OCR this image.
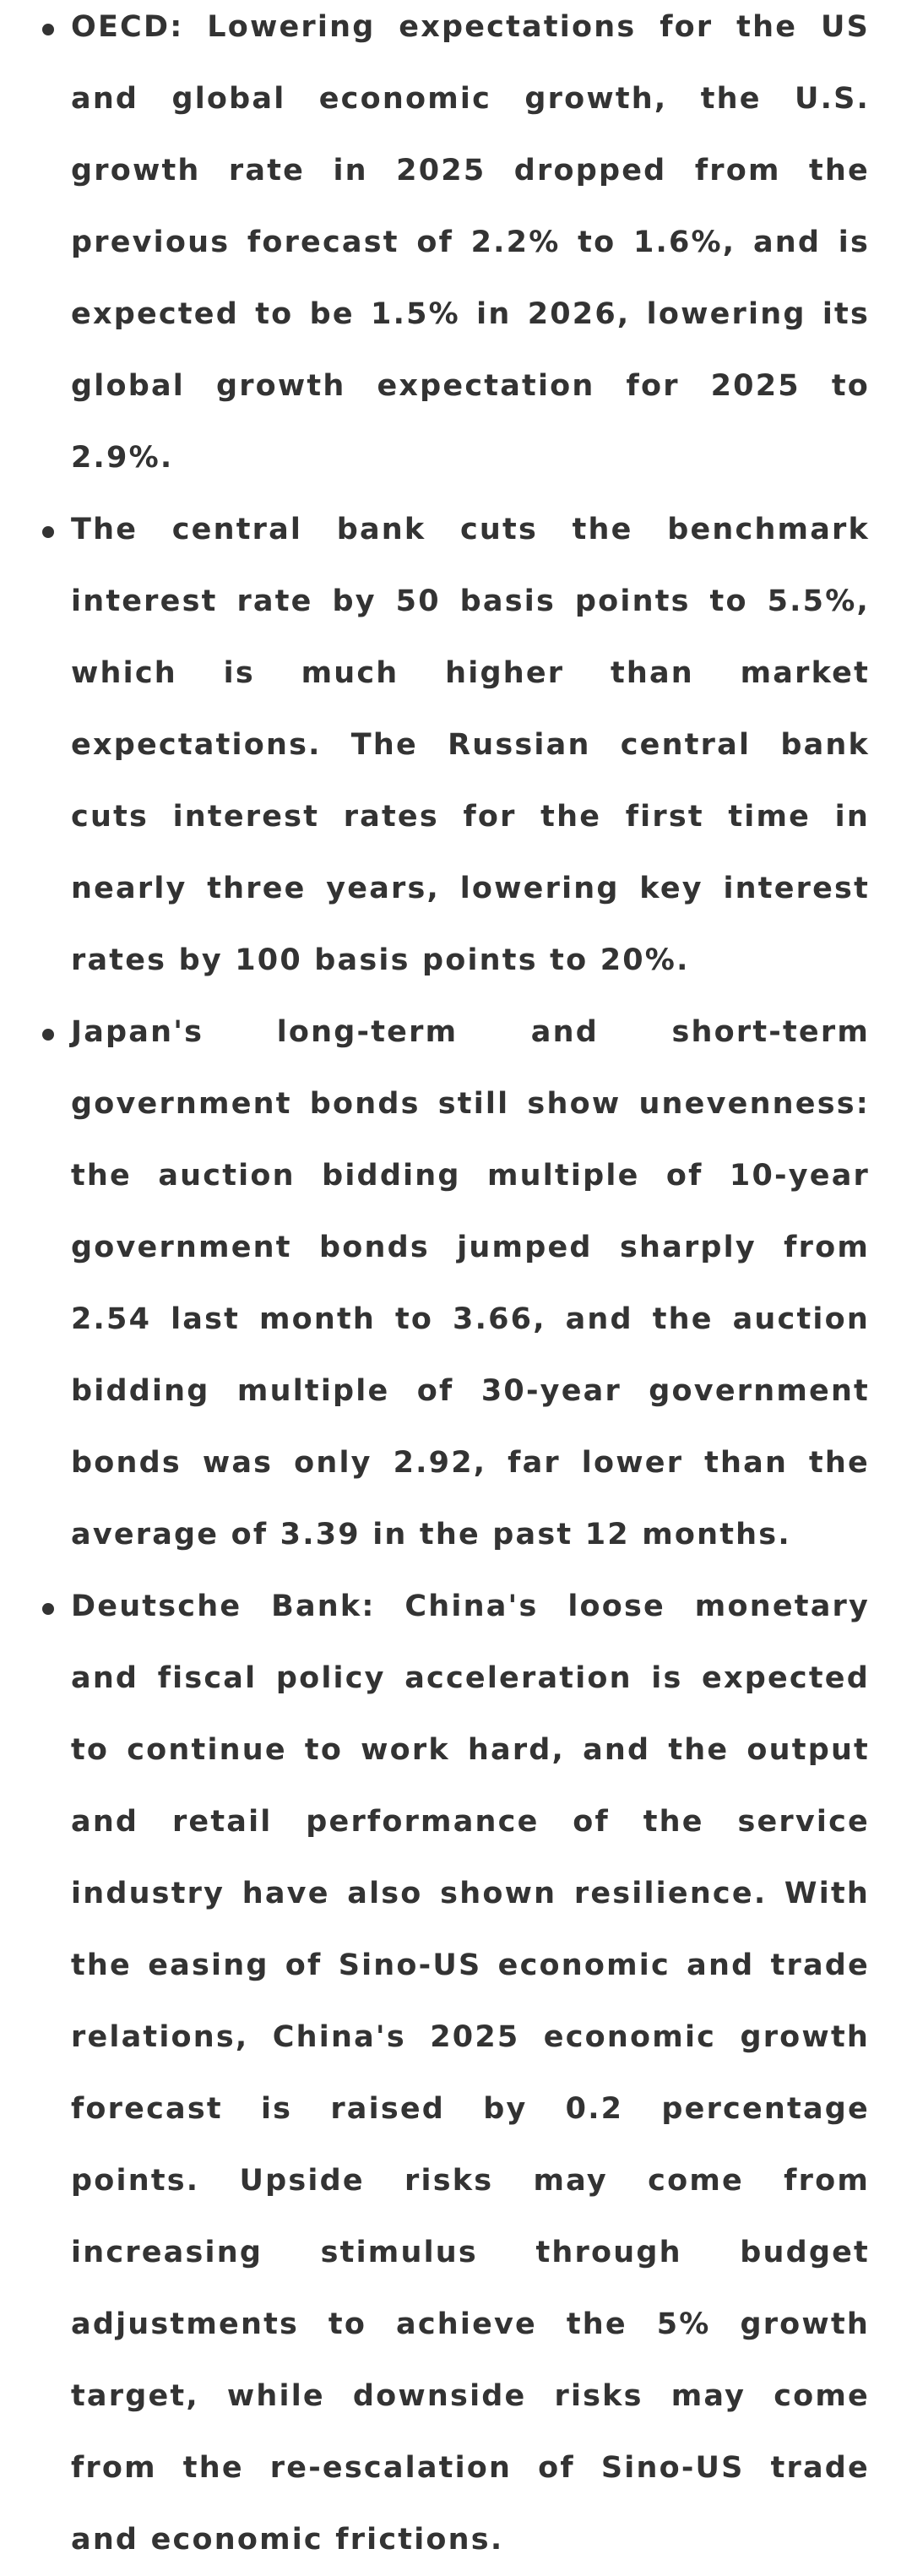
OECD: Lowering expectations for the US and global economic growth, the U.S. growth rate in 2025 dropped from the previous forecast of 2.2% to 1.6%, and is expected to be 1.5% in 2026, lowering its global growth expectation for 2025 to 2.9%.
The central bank cuts the benchmark interest rate by 50 basis points to 5.5%, which is much higher than market expectations. The Russian central bank cuts interest rates for the first time in nearly three years, lowering key interest rates by 100 basis points to 20%.
Japan's long-term and short-term government bonds still show unevenness: the auction bidding multiple of 10-year government bonds jumped sharply from 2.54 last month to 3.66, and the auction bidding multiple of 30-year government bonds was only 2.92, far lower than the average of 3.39 in the past 12 months.
Deutsche Bank: China's loose monetary and fiscal policy acceleration is expected to continue to work hard, and the output and retail performance of the service industry have also shown resilience. With the easing of Sino-US economic and trade relations, China's 2025 economic growth forecast is raised by 0.2 percentage points. Upside risks may come from increasing stimulus through budget adjustments to achieve the 5% growth target, while downside risks may come from the re-escalation of Sino-US trade and economic frictions.
